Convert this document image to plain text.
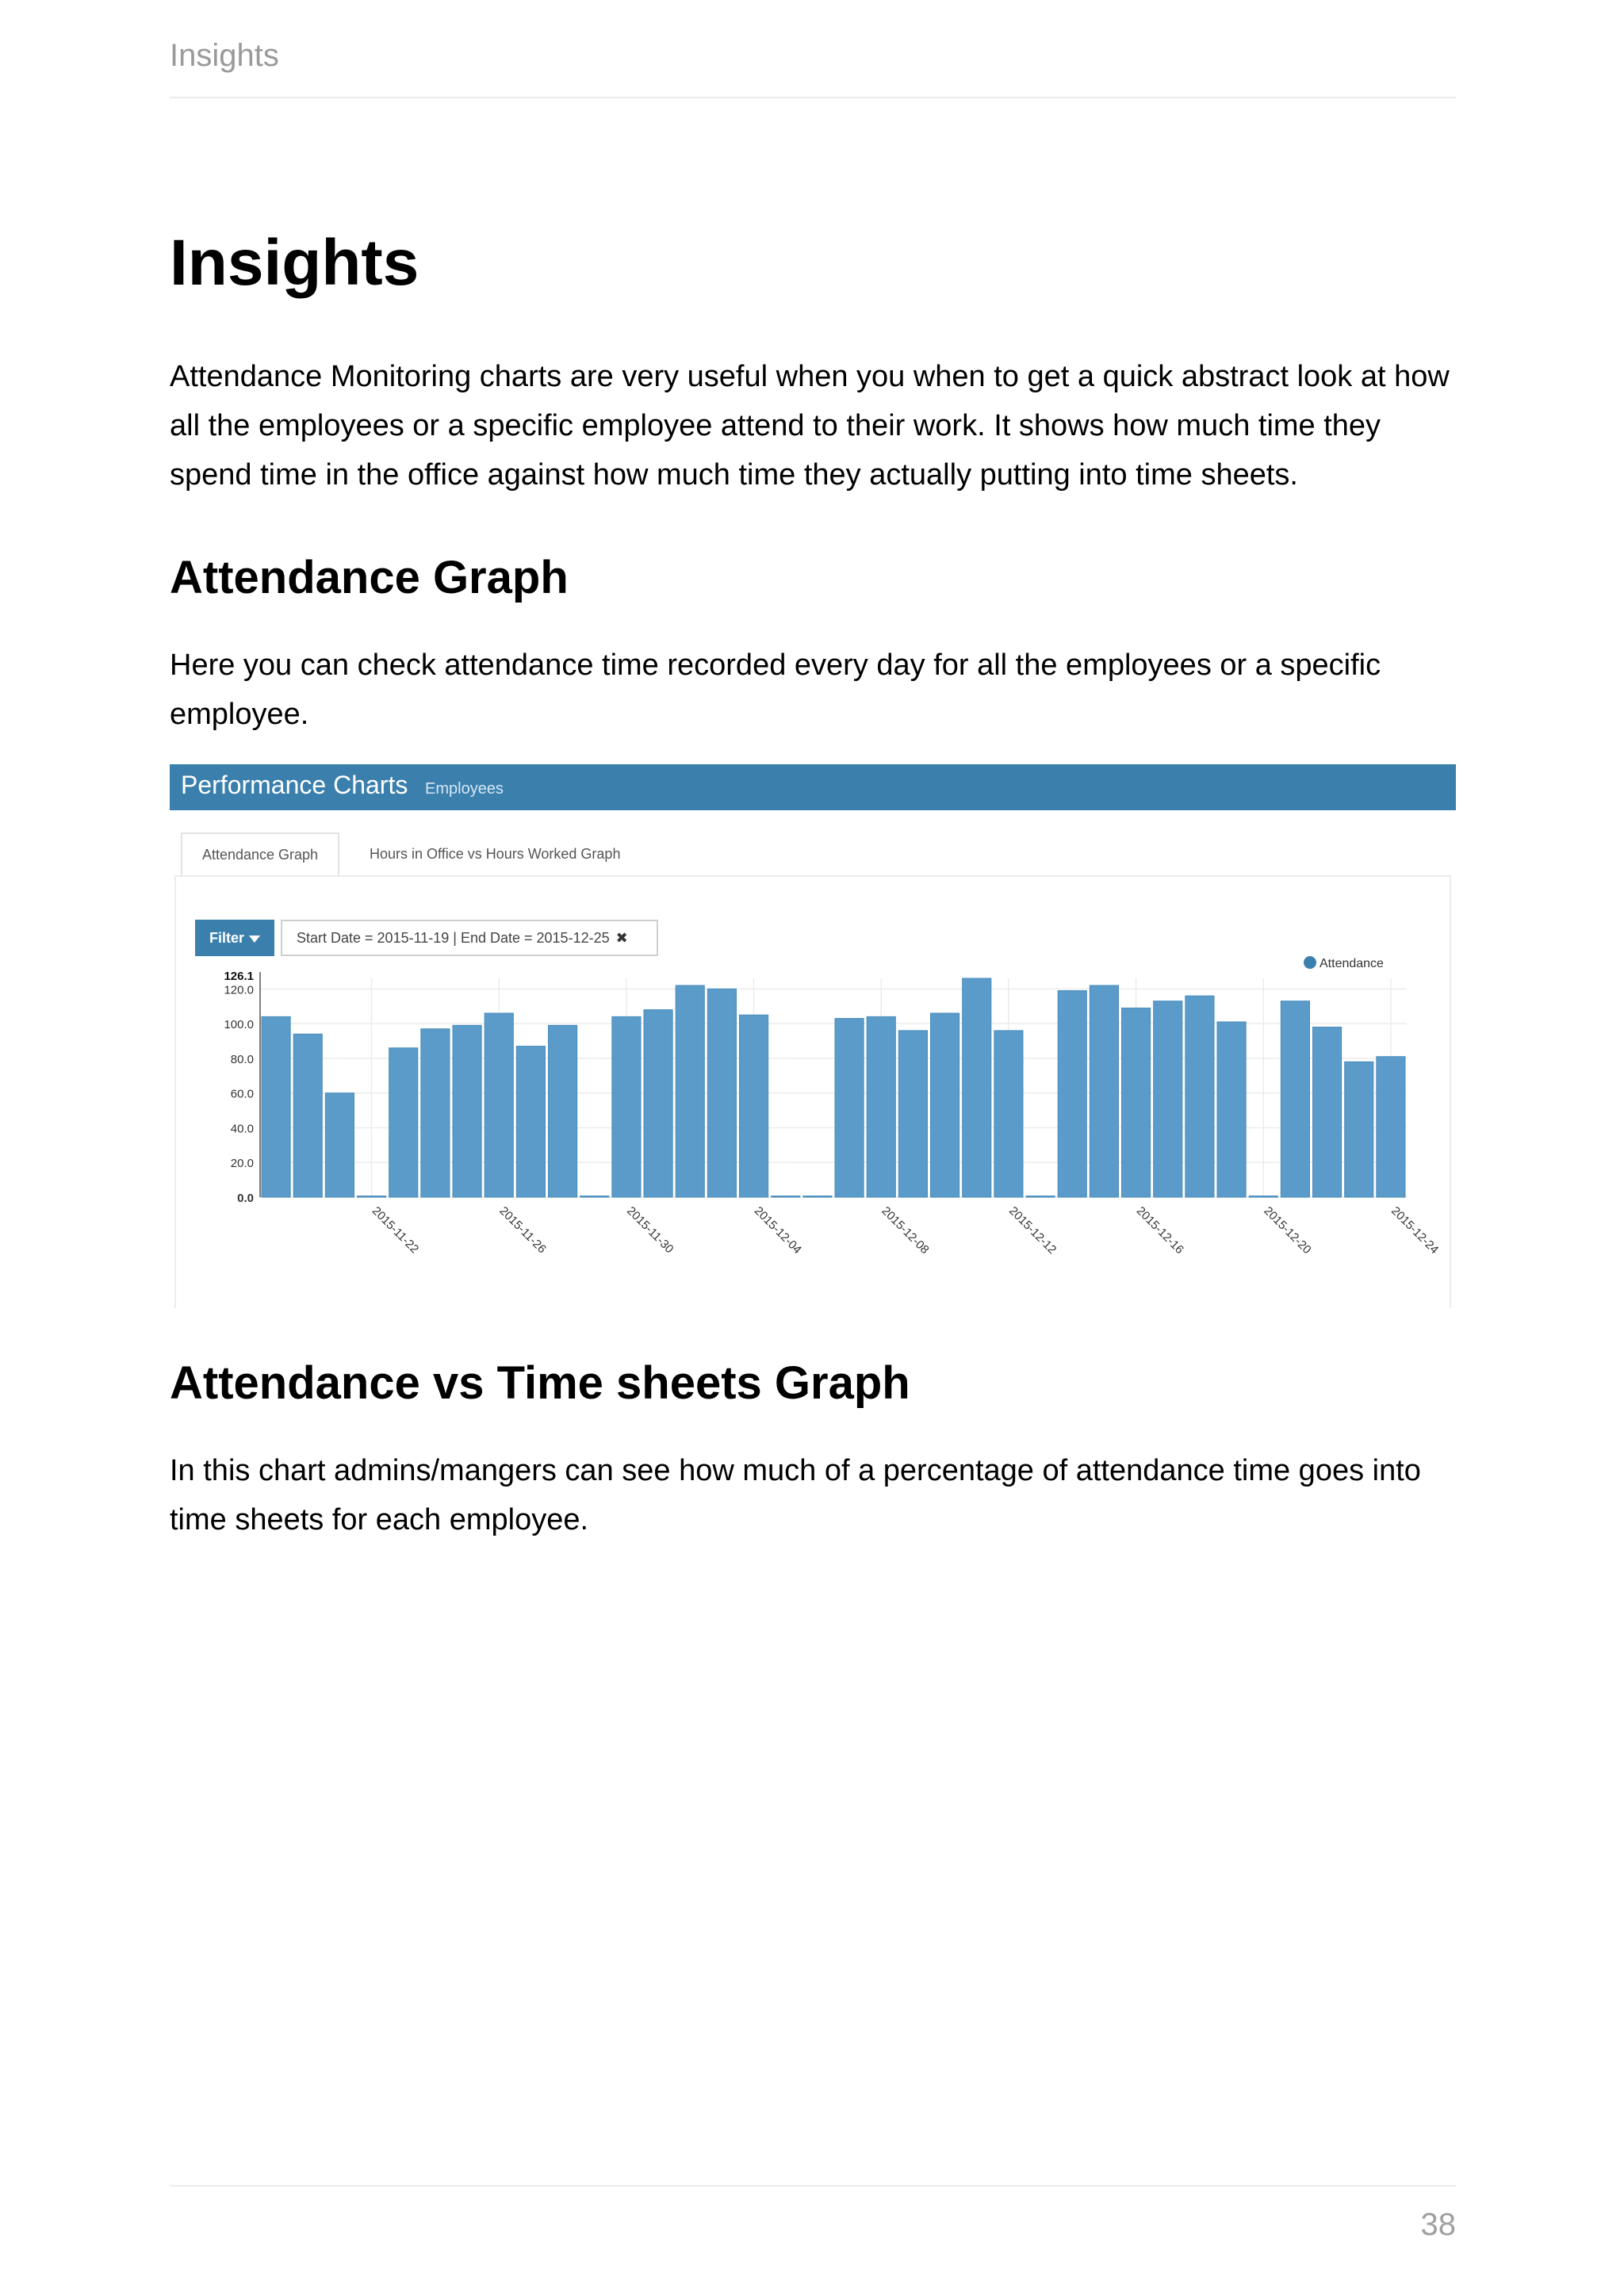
Insights
Insights

Attendance Monitoring charts are very useful when you when to get a quick abstract look at how all the employees or a specific employee attend to their work. It shows how much time they spend time in the office against how much time they actually putting into time sheets.

Attendance Graph

Here you can check attendance time recorded every day for all the employees or a specific employee.

Performance Charts Employees
Attendance Graph	Hours in Office vs Hours Worked Graph
Filter	Start Date = 2015-11-19 | End Date = 2015-12-25 ✖
0.0
20.0
40.0
60.0
80.0
100.0
120.0
126.1
2015-11-22	2015-11-26	2015-11-30	2015-12-04	2015-12-08	2015-12-12	2015-12-16	2015-12-20	2015-12-24
Attendance
Attendance vs Time sheets Graph

In this chart admins/mangers can see how much of a percentage of attendance time goes into time sheets for each employee.

38
